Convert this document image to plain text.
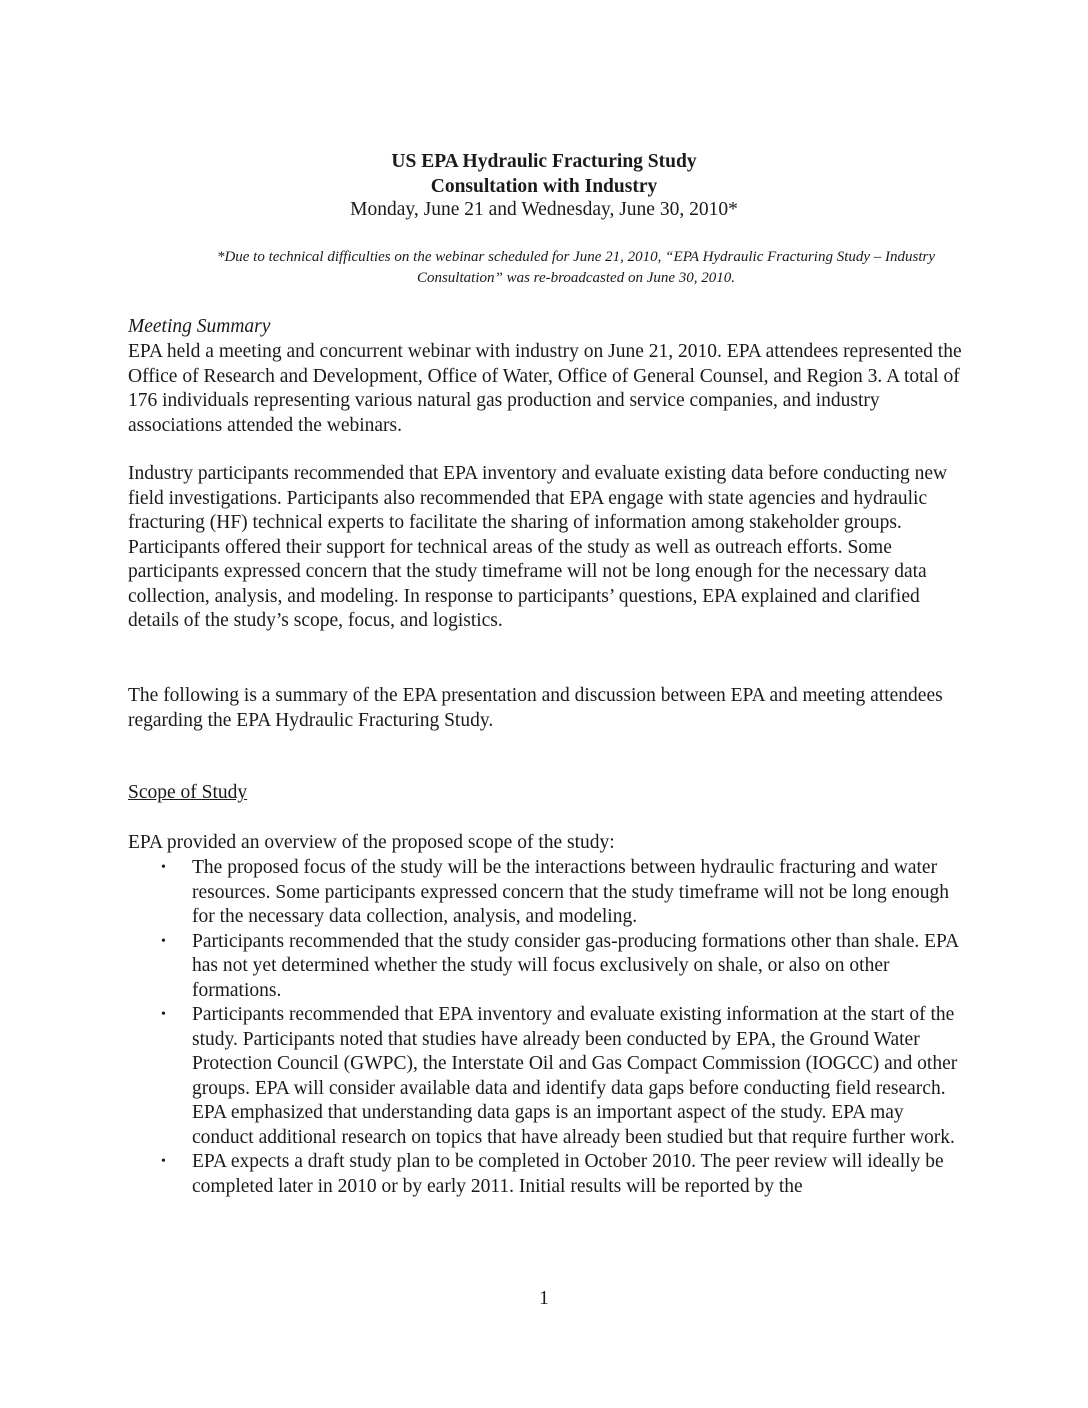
US EPA Hydraulic Fracturing Study
Consultation with Industry
Monday, June 21 and Wednesday, June 30, 2010*
*Due to technical difficulties on the webinar scheduled for June 21, 2010, “EPA Hydraulic Fracturing Study – Industry Consultation” was re-broadcasted on June 30, 2010.
Meeting Summary
EPA held a meeting and concurrent webinar with industry on June 21, 2010. EPA attendees represented the Office of Research and Development, Office of Water, Office of General Counsel, and Region 3. A total of 176 individuals representing various natural gas production and service companies, and industry associations attended the webinars.
Industry participants recommended that EPA inventory and evaluate existing data before conducting new field investigations. Participants also recommended that EPA engage with state agencies and hydraulic fracturing (HF) technical experts to facilitate the sharing of information among stakeholder groups. Participants offered their support for technical areas of the study as well as outreach efforts. Some participants expressed concern that the study timeframe will not be long enough for the necessary data collection, analysis, and modeling. In response to participants’ questions, EPA explained and clarified details of the study’s scope, focus, and logistics.
The following is a summary of the EPA presentation and discussion between EPA and meeting attendees regarding the EPA Hydraulic Fracturing Study.
Scope of Study
EPA provided an overview of the proposed scope of the study:
• The proposed focus of the study will be the interactions between hydraulic fracturing and water resources. Some participants expressed concern that the study timeframe will not be long enough for the necessary data collection, analysis, and modeling.
• Participants recommended that the study consider gas-producing formations other than shale. EPA has not yet determined whether the study will focus exclusively on shale, or also on other formations.
• Participants recommended that EPA inventory and evaluate existing information at the start of the study. Participants noted that studies have already been conducted by EPA, the Ground Water Protection Council (GWPC), the Interstate Oil and Gas Compact Commission (IOGCC) and other groups. EPA will consider available data and identify data gaps before conducting field research. EPA emphasized that understanding data gaps is an important aspect of the study. EPA may conduct additional research on topics that have already been studied but that require further work.
• EPA expects a draft study plan to be completed in October 2010. The peer review will ideally be completed later in 2010 or by early 2011. Initial results will be reported by the
1
